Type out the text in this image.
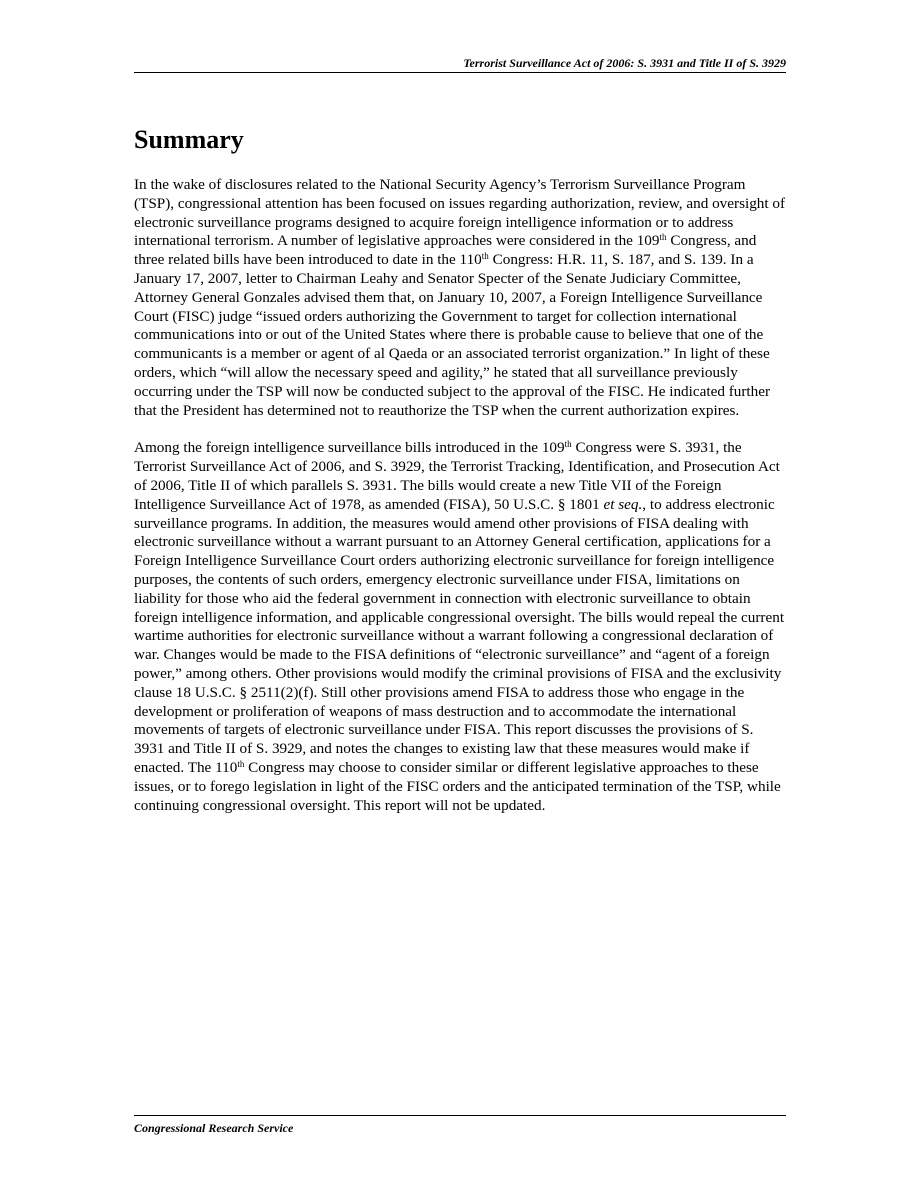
Terrorist Surveillance Act of 2006: S. 3931 and Title II of S. 3929
Summary

In the wake of disclosures related to the National Security Agency’s Terrorism Surveillance Program (TSP), congressional attention has been focused on issues regarding authorization, review, and oversight of electronic surveillance programs designed to acquire foreign intelligence information or to address international terrorism. A number of legislative approaches were considered in the 109th Congress, and three related bills have been introduced to date in the 110th Congress: H.R. 11, S. 187, and S. 139. In a January 17, 2007, letter to Chairman Leahy and Senator Specter of the Senate Judiciary Committee, Attorney General Gonzales advised them that, on January 10, 2007, a Foreign Intelligence Surveillance Court (FISC) judge “issued orders authorizing the Government to target for collection international communications into or out of the United States where there is probable cause to believe that one of the communicants is a member or agent of al Qaeda or an associated terrorist organization.” In light of these orders, which “will allow the necessary speed and agility,” he stated that all surveillance previously occurring under the TSP will now be conducted subject to the approval of the FISC. He indicated further that the President has determined not to reauthorize the TSP when the current authorization expires.

Among the foreign intelligence surveillance bills introduced in the 109th Congress were S. 3931, the Terrorist Surveillance Act of 2006, and S. 3929, the Terrorist Tracking, Identification, and Prosecution Act of 2006, Title II of which parallels S. 3931. The bills would create a new Title VII of the Foreign Intelligence Surveillance Act of 1978, as amended (FISA), 50 U.S.C. § 1801 et seq., to address electronic surveillance programs. In addition, the measures would amend other provisions of FISA dealing with electronic surveillance without a warrant pursuant to an Attorney General certification, applications for a Foreign Intelligence Surveillance Court orders authorizing electronic surveillance for foreign intelligence purposes, the contents of such orders, emergency electronic surveillance under FISA, limitations on liability for those who aid the federal government in connection with electronic surveillance to obtain foreign intelligence information, and applicable congressional oversight. The bills would repeal the current wartime authorities for electronic surveillance without a warrant following a congressional declaration of war. Changes would be made to the FISA definitions of “electronic surveillance” and “agent of a foreign power,” among others. Other provisions would modify the criminal provisions of FISA and the exclusivity clause 18 U.S.C. § 2511(2)(f). Still other provisions amend FISA to address those who engage in the development or proliferation of weapons of mass destruction and to accommodate the international movements of targets of electronic surveillance under FISA. This report discusses the provisions of S. 3931 and Title II of S. 3929, and notes the changes to existing law that these measures would make if enacted. The 110th Congress may choose to consider similar or different legislative approaches to these issues, or to forego legislation in light of the FISC orders and the anticipated termination of the TSP, while continuing congressional oversight. This report will not be updated.

Congressional Research Service
